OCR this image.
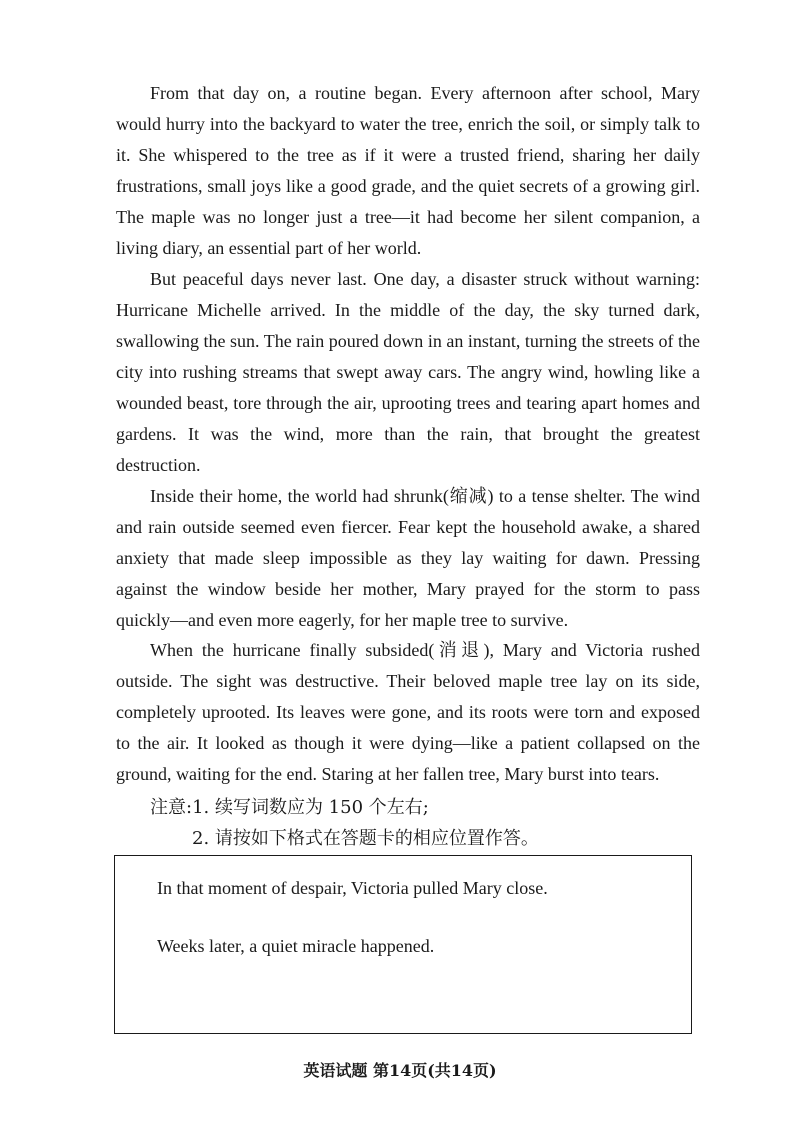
From that day on, a routine began. Every afternoon after school, Mary would hurry into the backyard to water the tree, enrich the soil, or simply talk to it. She whispered to the tree as if it were a trusted friend, sharing her daily frustrations, small joys like a good grade, and the quiet secrets of a growing girl. The maple was no longer just a tree—it had become her silent companion, a living diary, an essential part of her world.

But peaceful days never last. One day, a disaster struck without warning: Hurricane Michelle arrived. In the middle of the day, the sky turned dark, swallowing the sun. The rain poured down in an instant, turning the streets of the city into rushing streams that swept away cars. The angry wind, howling like a wounded beast, tore through the air, uprooting trees and tearing apart homes and gardens. It was the wind, more than the rain, that brought the greatest destruction.

Inside their home, the world had shrunk(缩减) to a tense shelter. The wind and rain outside seemed even fiercer. Fear kept the household awake, a shared anxiety that made sleep impossible as they lay waiting for dawn. Pressing against the window beside her mother, Mary prayed for the storm to pass quickly—and even more eagerly, for her maple tree to survive.

When the hurricane finally subsided(消退), Mary and Victoria rushed outside. The sight was destructive. Their beloved maple tree lay on its side, completely uprooted. Its leaves were gone, and its roots were torn and exposed to the air. It looked as though it were dying—like a patient collapsed on the ground, waiting for the end. Staring at her fallen tree, Mary burst into tears.

注意:1. 续写词数应为 150 个左右;

2. 请按如下格式在答题卡的相应位置作答。

In that moment of despair, Victoria pulled Mary close.

Weeks later, a quiet miracle happened.

英语试题 第14页(共14页)
